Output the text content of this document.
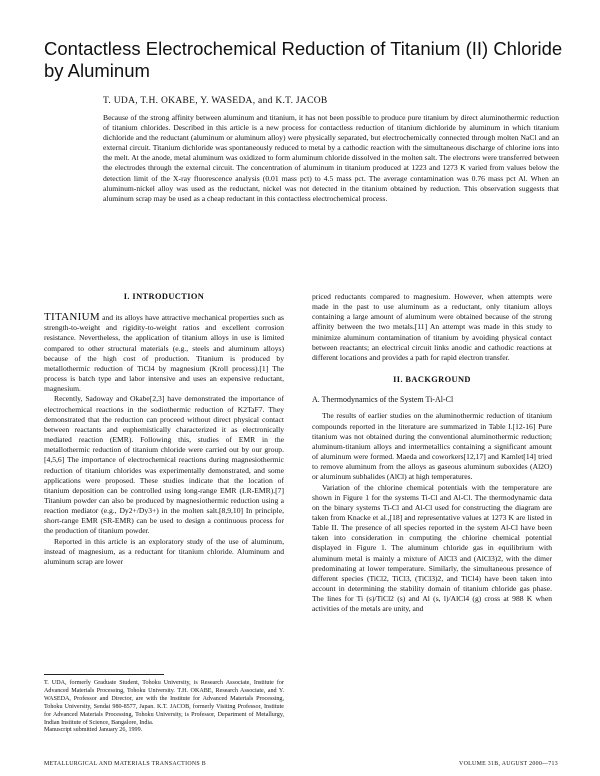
Contactless Electrochemical Reduction of Titanium (II) Chloride by Aluminum
T. UDA, T.H. OKABE, Y. WASEDA, and K.T. JACOB
Because of the strong affinity between aluminum and titanium, it has not been possible to produce pure titanium by direct aluminothermic reduction of titanium chlorides. Described in this article is a new process for contactless reduction of titanium dichloride by aluminum in which titanium dichloride and the reductant (aluminum or aluminum alloy) were physically separated, but electrochemically connected through molten NaCl and an external circuit. Titanium dichloride was spontaneously reduced to metal by a cathodic reaction with the simultaneous discharge of chlorine ions into the melt. At the anode, metal aluminum was oxidized to form aluminum chloride dissolved in the molten salt. The electrons were transferred between the electrodes through the external circuit. The concentration of aluminum in titanium produced at 1223 and 1273 K varied from values below the detection limit of the X-ray fluorescence analysis (0.01 mass pct) to 4.5 mass pct. The average contamination was 0.76 mass pct Al. When an aluminum-nickel alloy was used as the reductant, nickel was not detected in the titanium obtained by reduction. This observation suggests that aluminum scrap may be used as a cheap reductant in this contactless electrochemical process.
I. INTRODUCTION

TITANIUM and its alloys have attractive mechanical properties such as strength-to-weight and rigidity-to-weight ratios and excellent corrosion resistance. Nevertheless, the application of titanium alloys in use is limited compared to other structural materials (e.g., steels and aluminum alloys) because of the high cost of production. Titanium is produced by metallothermic reduction of TiCl4 by magnesium (Kroll process).[1] The process is batch type and labor intensive and uses an expensive reductant, magnesium.

Recently, Sadoway and Okabe[2,3] have demonstrated the importance of electrochemical reactions in the sodiothermic reduction of K2TaF7. They demonstrated that the reduction can proceed without direct physical contact between reactants and euphemistically characterized it as electronically mediated reaction (EMR). Following this, studies of EMR in the metallothermic reduction of titanium chloride were carried out by our group.[4,5,6] The importance of electrochemical reactions during magnesiothermic reduction of titanium chlorides was experimentally demonstrated, and some applications were proposed. These studies indicate that the location of titanium deposition can be controlled using long-range EMR (LR-EMR).[7] Titanium powder can also be produced by magnesiothermic reduction using a reaction mediator (e.g., Dy2+/Dy3+) in the molten salt.[8,9,10] In principle, short-range EMR (SR-EMR) can be used to design a continuous process for the production of titanium powder.

Reported in this article is an exploratory study of the use of aluminum, instead of magnesium, as a reductant for titanium chloride. Aluminum and aluminum scrap are lower

priced reductants compared to magnesium. However, when attempts were made in the past to use aluminum as a reductant, only titanium alloys containing a large amount of aluminum were obtained because of the strong affinity between the two metals.[11] An attempt was made in this study to minimize aluminum contamination of titanium by avoiding physical contact between reactants; an electrical circuit links anodic and cathodic reactions at different locations and provides a path for rapid electron transfer.

II. BACKGROUND
A. Thermodynamics of the System Ti-Al-Cl

The results of earlier studies on the aluminothermic reduction of titanium compounds reported in the literature are summarized in Table I.[12-16] Pure titanium was not obtained during the conventional aluminothermic reduction; aluminum-titanium alloys and intermetallics containing a significant amount of aluminum were formed. Maeda and coworkers[12,17] and Kamlet[14] tried to remove aluminum from the alloys as gaseous aluminum suboxides (Al2O) or aluminum subhalides (AlCl) at high temperatures.

Variation of the chlorine chemical potentials with the temperature are shown in Figure 1 for the systems Ti-Cl and Al-Cl. The thermodynamic data on the binary systems Ti-Cl and Al-Cl used for constructing the diagram are taken from Knacke et al.,[18] and representative values at 1273 K are listed in Table II. The presence of all species reported in the system Al-Cl have been taken into consideration in computing the chlorine chemical potential displayed in Figure 1. The aluminum chloride gas in equilibrium with aluminum metal is mainly a mixture of AlCl3 and (AlCl3)2, with the dimer predominating at lower temperature. Similarly, the simultaneous presence of different species (TiCl2, TiCl3, (TiCl3)2, and TiCl4) have been taken into account in determining the stability domain of titanium chloride gas phase. The lines for Ti (s)/TiCl2 (s) and Al (s, l)/AlCl4 (g) cross at 988 K when activities of the metals are unity, and

T. UDA, formerly Graduate Student, Tohoku University, is Research Associate, Institute for Advanced Materials Processing, Tohoku University. T.H. OKABE, Research Associate, and Y. WASEDA, Professor and Director, are with the Institute for Advanced Materials Processing, Tohoku University, Sendai 980-8577, Japan. K.T. JACOB, formerly Visiting Professor, Institute for Advanced Materials Processing, Tohoku University, is Professor, Department of Metallurgy, Indian Institute of Science, Bangalore, India.

Manuscript submitted January 26, 1999.

METALLURGICAL AND MATERIALS TRANSACTIONS B	VOLUME 31B, AUGUST 2000—713
